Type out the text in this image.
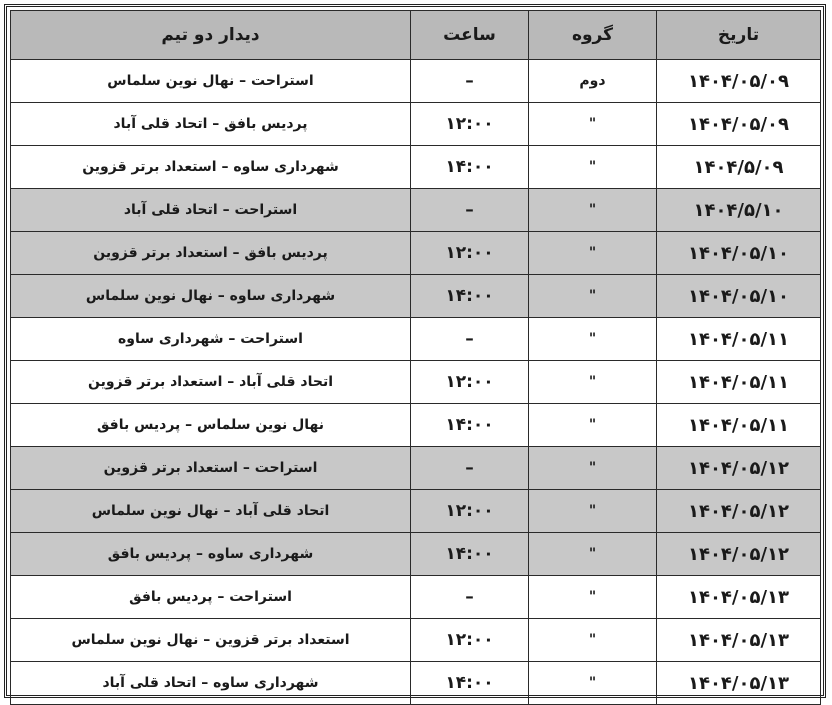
تاریخ	گروه	ساعت	دیدار دو تیم
۱۴۰۴/۰۵/۰۹	دوم	–	استراحت – نهال نوین سلماس
۱۴۰۴/۰۵/۰۹	"	۱۲:۰۰	پردیس بافق – اتحاد قلی آباد
۱۴۰۴/۵/۰۹	"	۱۴:۰۰	شهرداری ساوه – استعداد برتر قزوین
۱۴۰۴/۵/۱۰	"	–	استراحت – اتحاد قلی آباد
۱۴۰۴/۰۵/۱۰	"	۱۲:۰۰	پردیس بافق – استعداد برتر قزوین
۱۴۰۴/۰۵/۱۰	"	۱۴:۰۰	شهرداری ساوه – نهال نوین سلماس
۱۴۰۴/۰۵/۱۱	"	–	استراحت – شهرداری ساوه
۱۴۰۴/۰۵/۱۱	"	۱۲:۰۰	اتحاد قلی آباد – استعداد برتر قزوین
۱۴۰۴/۰۵/۱۱	"	۱۴:۰۰	نهال نوین سلماس – پردیس بافق
۱۴۰۴/۰۵/۱۲	"	–	استراحت – استعداد برتر قزوین
۱۴۰۴/۰۵/۱۲	"	۱۲:۰۰	اتحاد قلی آباد – نهال نوین سلماس
۱۴۰۴/۰۵/۱۲	"	۱۴:۰۰	شهرداری ساوه – پردیس بافق
۱۴۰۴/۰۵/۱۳	"	–	استراحت – پردیس بافق
۱۴۰۴/۰۵/۱۳	"	۱۲:۰۰	استعداد برتر قزوین – نهال نوین سلماس
۱۴۰۴/۰۵/۱۳	"	۱۴:۰۰	شهرداری ساوه – اتحاد قلی آباد
